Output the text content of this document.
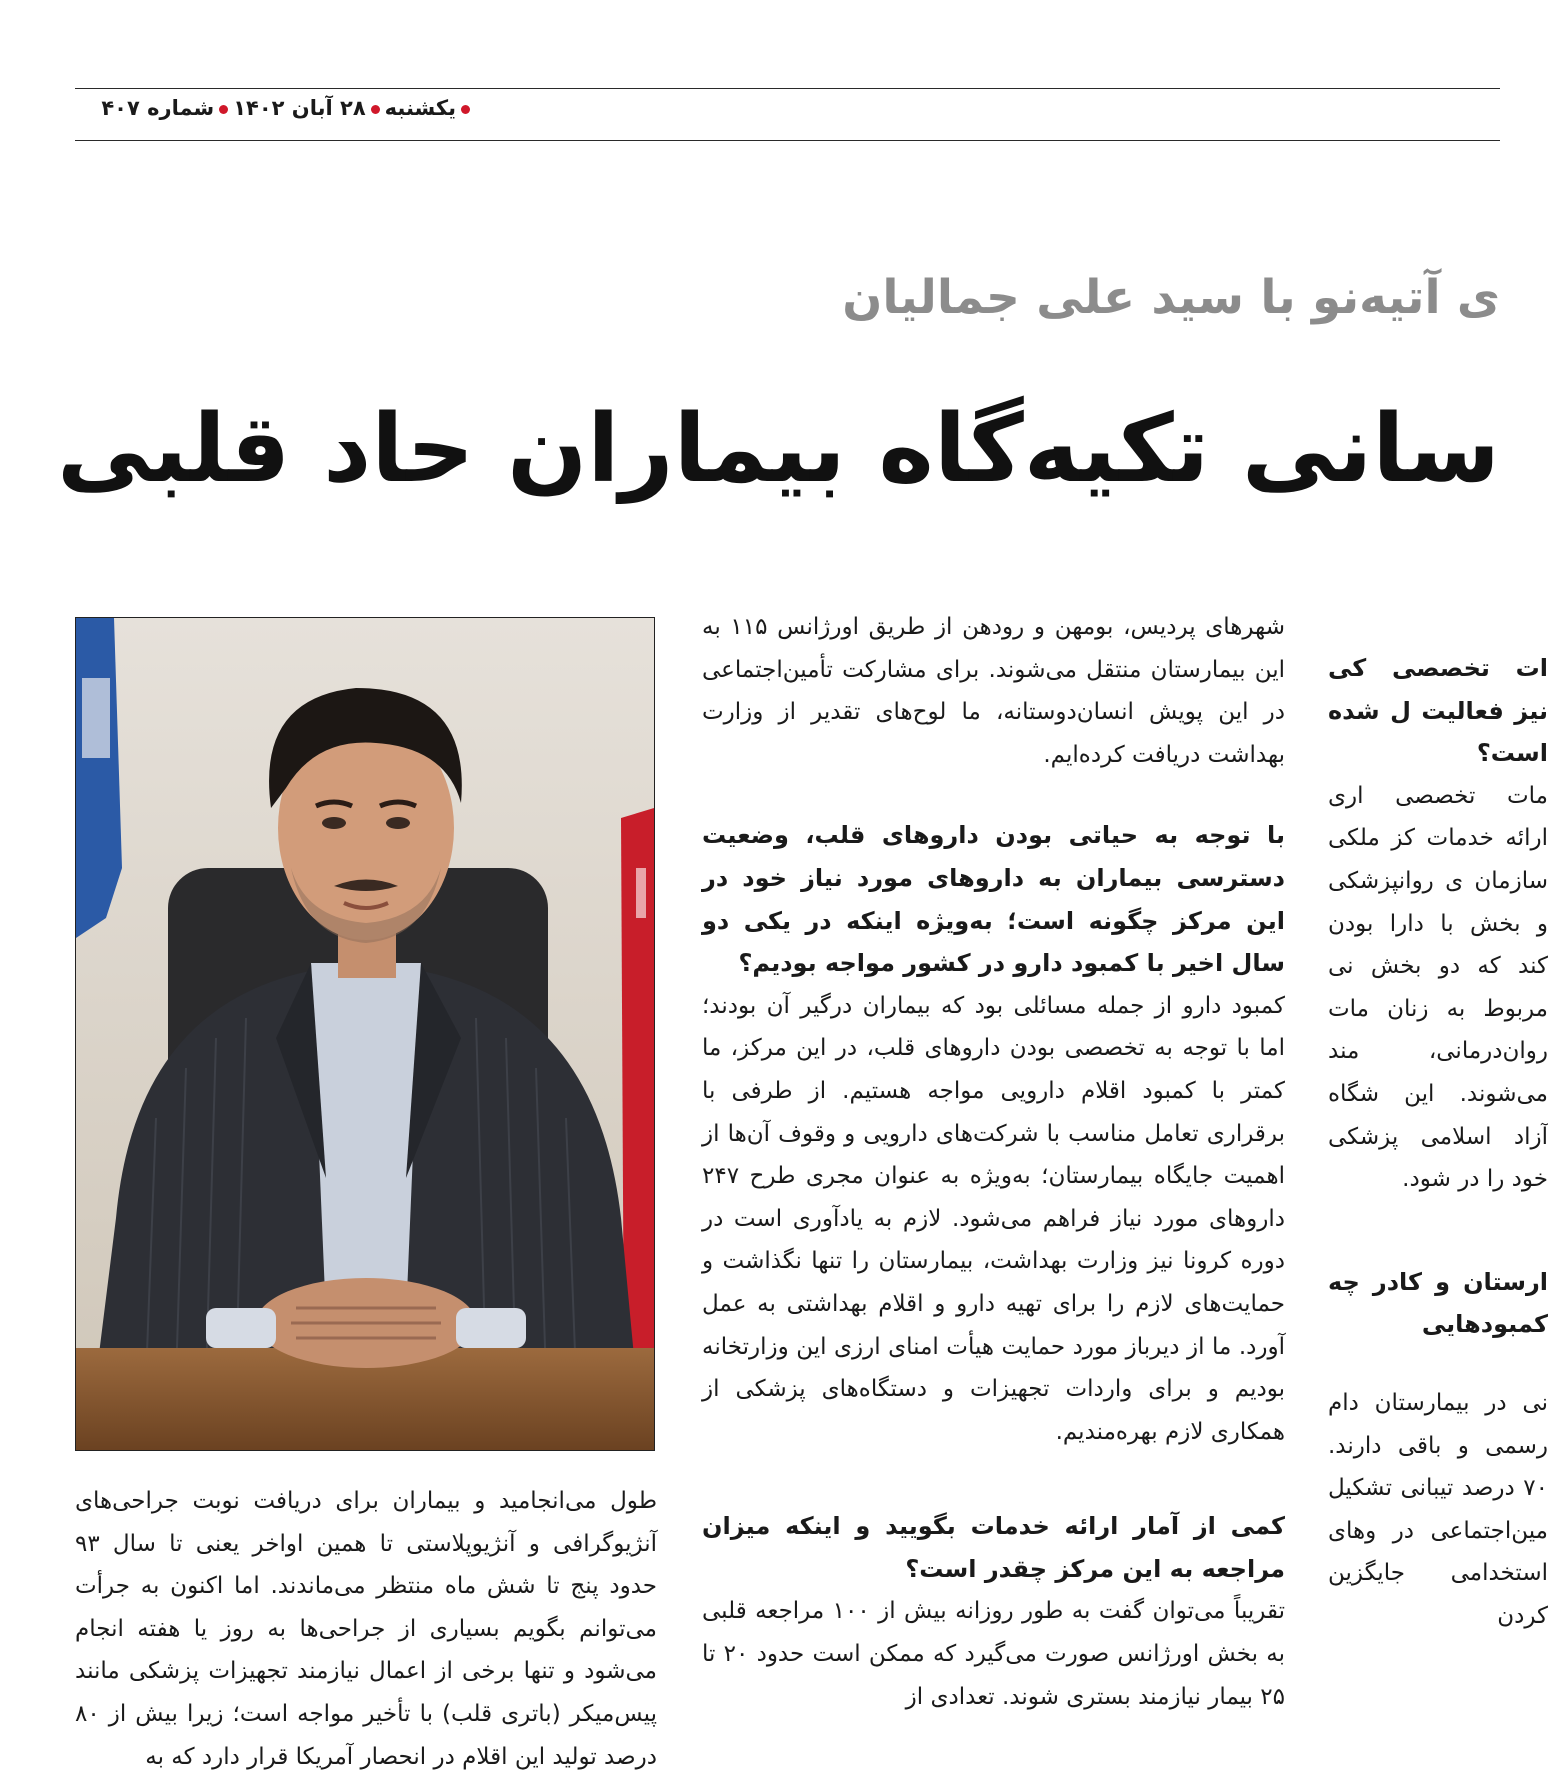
یکشنبه۲۸ آبان ۱۴۰۲شماره ۴۰۷
ی آتیه‌نو با سید علی جمالیان
سانی تکیه‌گاه بیماران حاد قلبی

شهرهای پردیس، بومهن و رودهن از طریق اورژانس ۱۱۵ به این بیمارستان منتقل می‌شوند. برای مشارکت تأمین‌اجتماعی در این پویش انسان‌دوستانه، ما لوح‌های تقدیر از وزارت بهداشت دریافت کرده‌ایم.

با توجه به حیاتی بودن داروهای قلب، وضعیت دسترسی بیماران به داروهای مورد نیاز خود در این مرکز چگونه است؛ به‌ویژه اینکه در یکی دو سال اخیر با کمبود دارو در کشور مواجه بودیم؟

کمبود دارو از جمله مسائلی بود که بیماران درگیر آن بودند؛ اما با توجه به تخصصی بودن داروهای قلب، در این مرکز، ما کمتر با کمبود اقلام دارویی مواجه هستیم. از طرفی با برقراری تعامل مناسب با شرکت‌های دارویی و وقوف آن‌ها از اهمیت جایگاه بیمارستان؛ به‌ویژه به عنوان مجری طرح ۲۴۷ داروهای مورد نیاز فراهم می‌شود. لازم به یادآوری است در دوره کرونا نیز وزارت بهداشت، بیمارستان را تنها نگذاشت و حمایت‌های لازم را برای تهیه دارو و اقلام بهداشتی به عمل آورد. ما از دیرباز مورد حمایت هیأت امنای ارزی این وزارتخانه بودیم و برای واردات تجهیزات و دستگاه‌های پزشکی از همکاری لازم بهره‌مندیم.

کمی از آمار ارائه خدمات بگویید و اینکه میزان مراجعه به این مرکز چقدر است؟

تقریباً می‌توان گفت به طور روزانه بیش از ۱۰۰ مراجعه قلبی به بخش اورژانس صورت می‌گیرد که ممکن است حدود ۲۰ تا ۲۵ بیمار نیازمند بستری شوند. تعدادی از

ات تخصصی کی نیز فعالیت ل شده است؟

مات تخصصی اری ارائه خدمات کز ملکی سازمان ی روانپزشکی و بخش با دارا بودن کند که دو بخش نی مربوط به زنان مات روان‌درمانی، مند می‌شوند. این شگاه آزاد اسلامی پزشکی خود را در شود.

ارستان و کادر چه کمبودهایی

نی در بیمارستان دام رسمی و باقی دارند. ۷۰ درصد تیبانی تشکیل مین‌اجتماعی در وهای استخدامی جایگزین کردن

طول می‌انجامید و بیماران برای دریافت نوبت جراحی‌های آنژیوگرافی و آنژیوپلاستی تا همین اواخر یعنی تا سال ۹۳ حدود پنج تا شش ماه منتظر می‌ماندند. اما اکنون به جرأت می‌توانم بگویم بسیاری از جراحی‌ها به روز یا هفته انجام می‌شود و تنها برخی از اعمال نیازمند تجهیزات پزشکی مانند پیس‌میکر (باتری قلب) با تأخیر مواجه است؛ زیرا بیش از ۸۰ درصد تولید این اقلام در انحصار آمریکا قرار دارد که به
